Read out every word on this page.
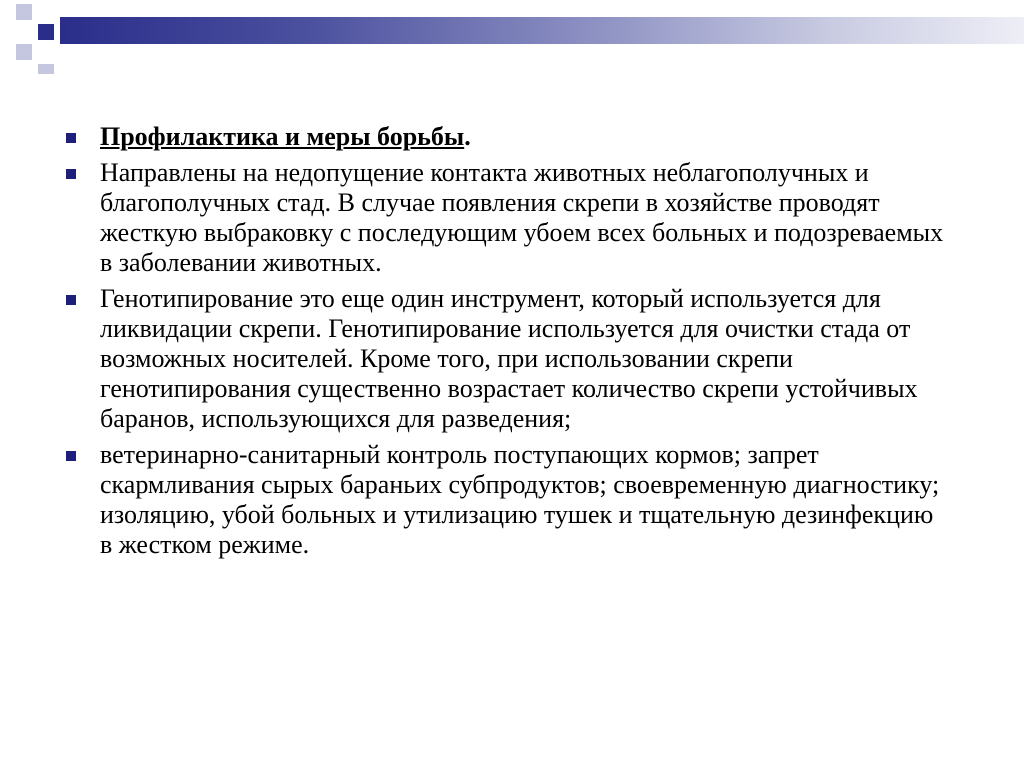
Профилактика и меры борьбы.
Направлены на недопущение контакта животных неблагополучных и благополучных стад. В случае появления скрепи в хозяйстве проводят жесткую выбраковку с последующим убоем всех больных и подозреваемых в заболевании животных.
Генотипирование это еще один инструмент, который используется для ликвидации скрепи. Генотипирование используется для очистки стада от возможных носителей. Кроме того, при использовании скрепи генотипирования существенно возрастает количество скрепи устойчивых баранов, использующихся для разведения;
ветеринарно-санитарный контроль поступающих кормов; запрет скармливания сырых бараньих субпродуктов; своевременную диагностику; изоляцию, убой больных и утилизацию тушек и тщательную дезинфекцию в жестком режиме.
